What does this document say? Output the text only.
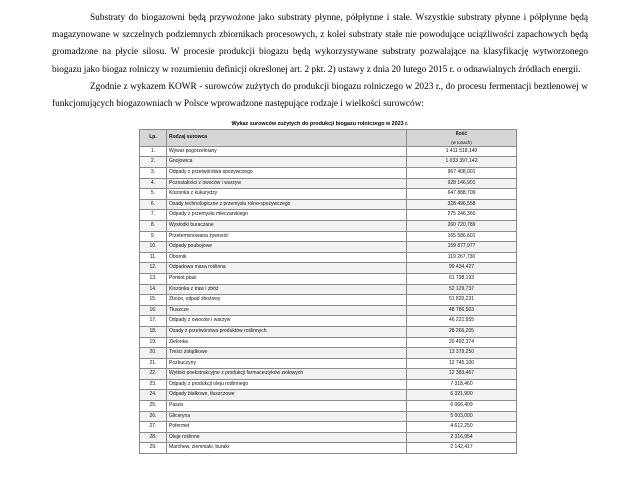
Substraty do biogazowni będą przywożone jako substraty płynne, półpłynne i stałe. Wszystkie substraty płynne i półpłynne będą magazynowane w szczelnych podziemnych zbiornikach procesowych, z kolei substraty stałe nie powodujące uciążliwości zapachowych będą gromadzone na płycie silosu. W procesie produkcji biogazu będą wykorzystywane substraty pozwalające na klasyfikację wytworzonego biogazu jako biogaz rolniczy w rozumieniu definicji określonej art. 2 pkt. 2) ustawy z dnia 20 lutego 2015 r. o odnawialnych źródłach energii.

Zgodnie z wykazem KOWR - surowców zużytych do produkcji biogazu rolniczego w 2023 r., do procesu fermentacji beztlenowej w funkcjonujących biogazowniach w Polsce wprowadzone następujące rodzaje i wielkości surowców:

Wykaz surowców zużytych do produkcji biogazu rolniczego w 2023 r.
Lp.	Rodzaj surowca	Ilość
(w tonach)

1.	Wywar pogorzelniany	1 411 518,140
2.	Gnojowica	1 033 397,142
3.	Odpady z przetwórstwa spożywczego	967 408,001
4.	Pozostałości z owoców i warzyw	928 146,901
5.	Kiszonka z kukurydzy	647 888,709
6.	Osady technologiczne z przemysłu rolno-spożywczego	328 496,558
7.	Odpady z przemysłu mleczarskiego	275 246,360
8.	Wysłodki buraczane	260 720,789
9.	Przeterminowana żywność	165 586,601
10.	Odpady poubojowe	159 877,977
11.	Obornik	119 267,730
12.	Odpadowa masa roślinna	99 434,427
13.	Pomiot ptasi	61 798,193
14.	Kiszonka z traw i zbóż	52 129,737
15.	Zboże, odpad zbożowy	51 820,231
16.	Tłuszcze	48 786,503
17.	Odpady z owoców i warzyw	46 221,955
18.	Osady z przetwórstwa produktów roślinnych	28 266,205
19.	Zielonka	20 492,374
20.	Treści żołądkowe	13 379,250
21.	Pozbuczyny	12 745,100
22.	Wytłoki poekstrakcyjne z produkcji farmaceutyków ziołowych	12 383,467
23.	Odpady z produkcji oleju roślinnego	7 318,460
24.	Odpady białkowe, tłuszczowe	6 321,900
25.	Pasza	6 066,409
26.	Gliceryna	5 003,000
27.	Pofermet	4 612,250
28.	Oleje roślinne	2 316,954
29.	Marchew, ziemniaki, buraki	2 142,417
